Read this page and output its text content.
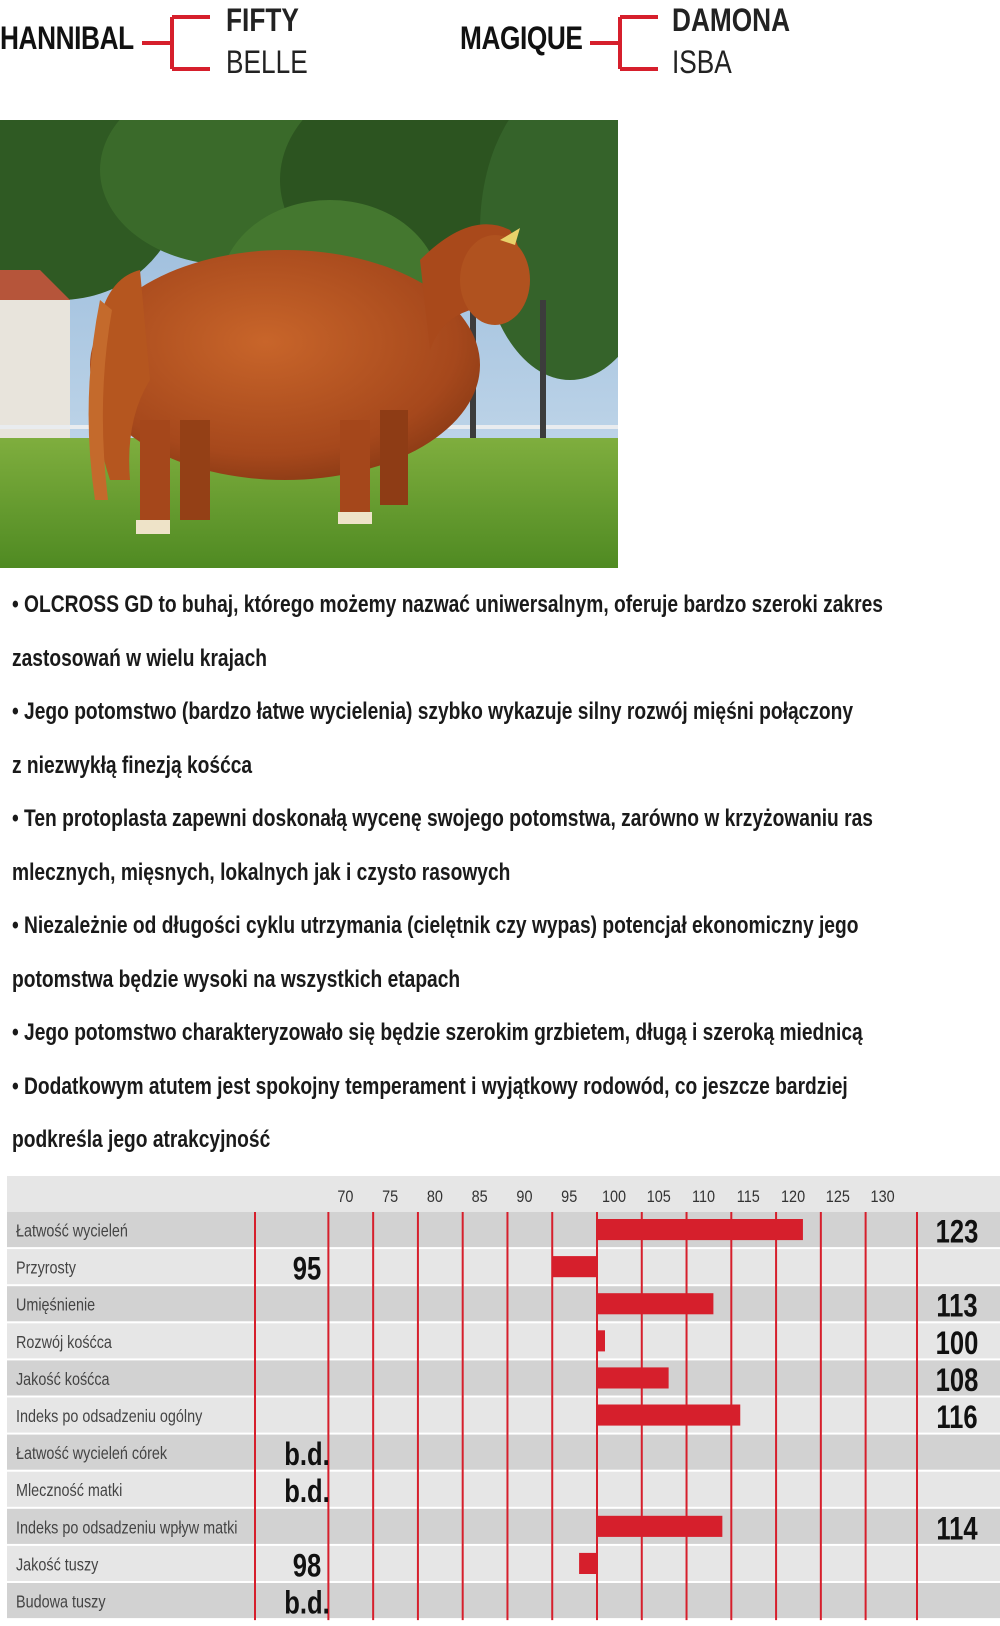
HANNIBAL	FIFTY
BELLE
MAGIQUE	DAMONA
ISBA
• OLCROSS GD to buhaj, którego możemy nazwać uniwersalnym, oferuje bardzo szeroki zakres
zastosowań w wielu krajach
• Jego potomstwo (bardzo łatwe wycielenia) szybko wykazuje silny rozwój mięśni połączony
z niezwykłą finezją kośćca
• Ten protoplasta zapewni doskonałą wycenę swojego potomstwa, zarówno w krzyżowaniu ras
mlecznych, mięsnych, lokalnych jak i czysto rasowych
• Niezależnie od długości cyklu utrzymania (cielętnik czy wypas) potencjał ekonomiczny jego
potomstwa będzie wysoki na wszystkich etapach
• Jego potomstwo charakteryzowało się będzie szerokim grzbietem, długą i szeroką miednicą
• Dodatkowym atutem jest spokojny temperament i wyjątkowy rodowód, co jeszcze bardziej
podkreśla jego atrakcyjność
70 75 80 85 90 95 100 105 110 115 120 125 130
Łatwość wycieleń	123
Przyrosty	95
Umięśnienie	113
Rozwój kośćca	100
Jakość kośćca	108
Indeks po odsadzeniu ogólny	116
Łatwość wycieleń córek	b.d.
Mleczność matki	b.d.
Indeks po odsadzeniu wpływ matki	114
Jakość tuszy	98
Budowa tuszy	b.d.
